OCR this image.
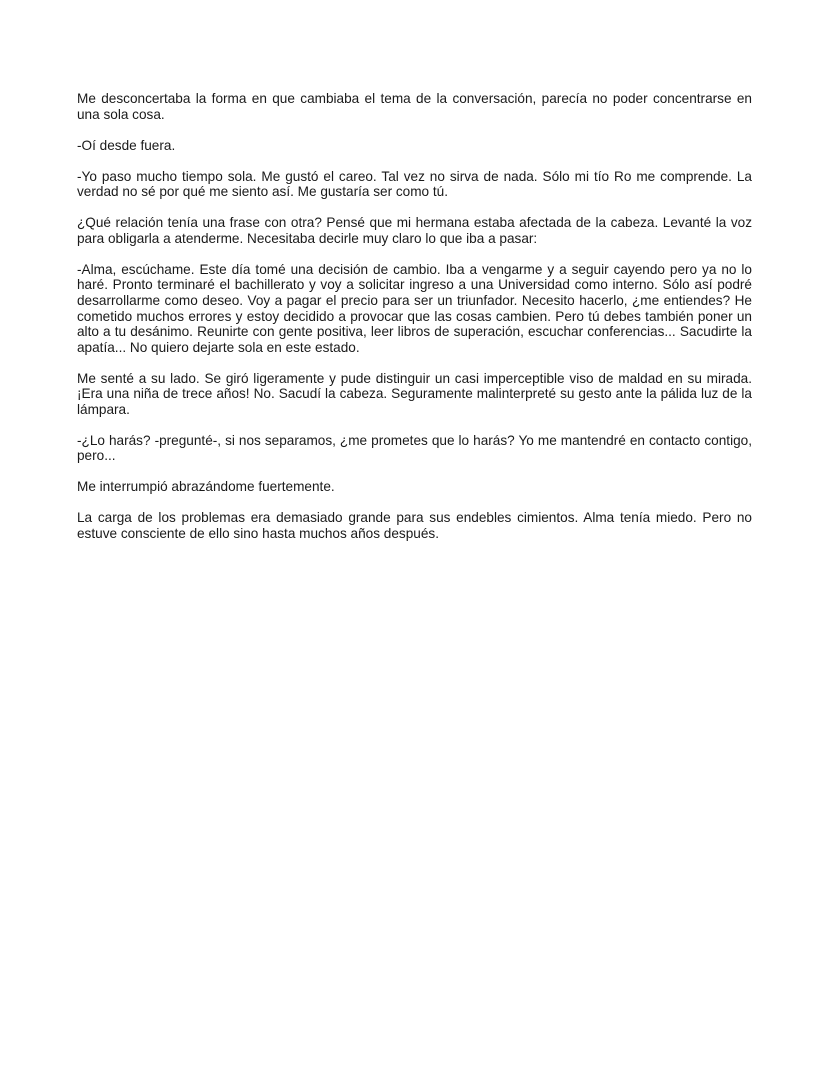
Me desconcertaba la forma en que cambiaba el tema de la conversación, parecía no poder concentrarse en una sola cosa.

-Oí desde fuera.

-Yo paso mucho tiempo sola. Me gustó el careo. Tal vez no sirva de nada. Sólo mi tío Ro me comprende. La verdad no sé por qué me siento así. Me gustaría ser como tú.

¿Qué relación tenía una frase con otra? Pensé que mi hermana estaba afectada de la cabeza. Levanté la voz para obligarla a atenderme. Necesitaba decirle muy claro lo que iba a pasar:

-Alma, escúchame. Este día tomé una decisión de cambio. Iba a vengarme y a seguir cayendo pero ya no lo haré. Pronto terminaré el bachillerato y voy a solicitar ingreso a una Universidad como interno. Sólo así podré desarrollarme como deseo. Voy a pagar el precio para ser un triunfador. Necesito hacerlo, ¿me entiendes? He cometido muchos errores y estoy decidido a provocar que las cosas cambien. Pero tú debes también poner un alto a tu desánimo. Reunirte con gente positiva, leer libros de superación, escuchar conferencias... Sacudirte la apatía... No quiero dejarte sola en este estado.

Me senté a su lado. Se giró ligeramente y pude distinguir un casi imperceptible viso de maldad en su mirada. ¡Era una niña de trece años! No. Sacudí la cabeza. Seguramente malinterpreté su gesto ante la pálida luz de la lámpara.

-¿Lo harás? -pregunté-, si nos separamos, ¿me prometes que lo harás? Yo me mantendré en contacto contigo, pero...

Me interrumpió abrazándome fuertemente.

La carga de los problemas era demasiado grande para sus endebles cimientos. Alma tenía miedo. Pero no estuve consciente de ello sino hasta muchos años después.
